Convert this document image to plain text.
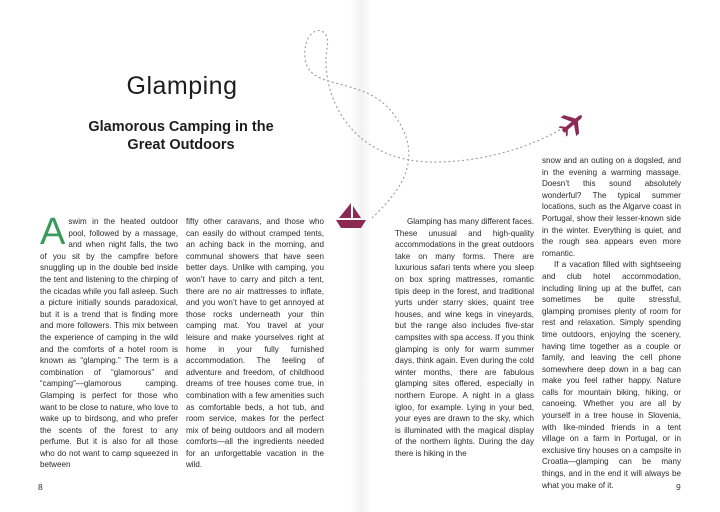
Glamping
Glamorous Camping in the
Great Outdoors

Aswim in the heated outdoor pool, followed by a massage, and when night falls, the two of you sit by the campfire before snuggling up in the double bed inside the tent and listening to the chirping of the cicadas while you fall asleep. Such a picture initially sounds paradoxical, but it is a trend that is finding more and more followers. This mix between the experience of camping in the wild and the comforts of a hotel room is known as “glamping.” The term is a combination of “glamorous” and “camping”—glamorous camping. Glamping is perfect for those who want to be close to nature, who love to wake up to birdsong, and who prefer the scents of the forest to any perfume. But it is also for all those who do not want to camp squeezed in between

fifty other caravans, and those who can easily do without cramped tents, an aching back in the morning, and communal showers that have seen better days. Unlike with camping, you won’t have to carry and pitch a tent, there are no air mattresses to inflate, and you won’t have to get annoyed at those rocks underneath your thin camping mat. You travel at your leisure and make yourselves right at home in your fully furnished accommodation. The feeling of adventure and freedom, of childhood dreams of tree houses come true, in combination with a few amenities such as comfortable beds, a hot tub, and room service, makes for the perfect mix of being outdoors and all modern comforts—all the ingredients needed for an unforgettable vacation in the wild.

Glamping has many different faces. These unusual and high-quality accommodations in the great outdoors take on many forms. There are luxurious safari tents where you sleep on box spring mattresses, romantic tipis deep in the forest, and traditional yurts under starry skies, quaint tree houses, and wine kegs in vineyards, but the range also includes five-star campsites with spa access. If you think glamping is only for warm summer days, think again. Even during the cold winter months, there are fabulous glamping sites offered, especially in northern Europe. A night in a glass igloo, for example. Lying in your bed, your eyes are drawn to the sky, which is illuminated with the magical display of the northern lights. During the day there is hiking in the

snow and an outing on a dogsled, and in the evening a warming massage. Doesn’t this sound absolutely wonderful? The typical summer locations, such as the Algarve coast in Portugal, show their lesser-known side in the winter. Everything is quiet, and the rough sea appears even more romantic.

If a vacation filled with sightseeing and club hotel accommodation, including lining up at the buffet, can sometimes be quite stressful, glamping promises plenty of room for rest and relaxation. Simply spending time outdoors, enjoying the scenery, having time together as a couple or family, and leaving the cell phone somewhere deep down in a bag can make you feel rather happy. Nature calls for mountain biking, hiking, or canoeing. Whether you are all by yourself in a tree house in Slovenia, with like-minded friends in a tent village on a farm in Portugal, or in exclusive tiny houses on a campsite in Croatia—glamping can be many things, and in the end it will always be what you make of it.

8	9
